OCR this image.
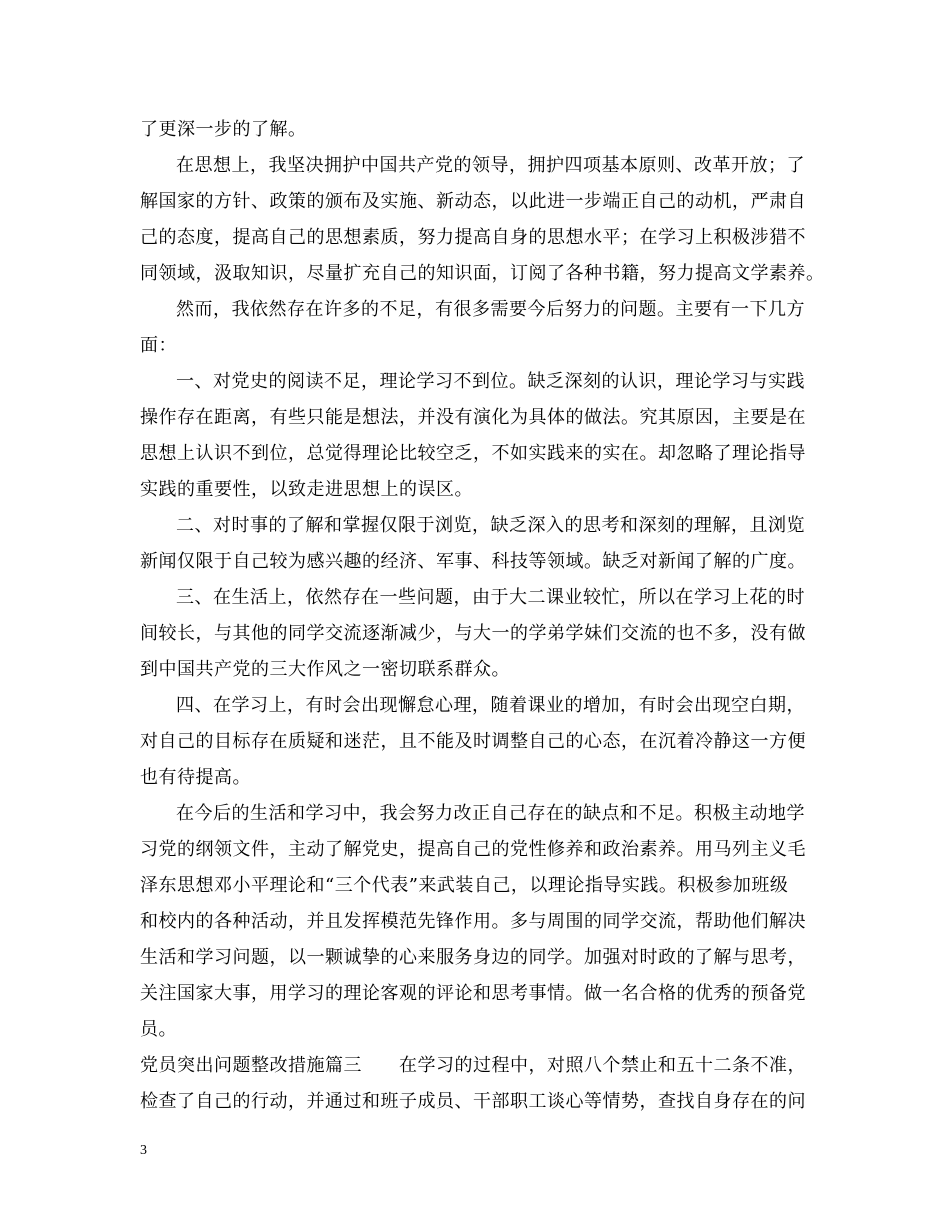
了更深一步的了解。
在思想上，我坚决拥护中国共产党的领导，拥护四项基本原则、改革开放；了
解国家的方针、政策的颁布及实施、新动态，以此进一步端正自己的动机，严肃自
己的态度，提高自己的思想素质，努力提高自身的思想水平；在学习上积极涉猎不
同领域，汲取知识，尽量扩充自己的知识面，订阅了各种书籍，努力提高文学素养。
然而，我依然存在许多的不足，有很多需要今后努力的问题。主要有一下几方
面：
一、对党史的阅读不足，理论学习不到位。缺乏深刻的认识，理论学习与实践
操作存在距离，有些只能是想法，并没有演化为具体的做法。究其原因，主要是在
思想上认识不到位，总觉得理论比较空乏，不如实践来的实在。却忽略了理论指导
实践的重要性，以致走进思想上的误区。
二、对时事的了解和掌握仅限于浏览，缺乏深入的思考和深刻的理解，且浏览
新闻仅限于自己较为感兴趣的经济、军事、科技等领域。缺乏对新闻了解的广度。
三、在生活上，依然存在一些问题，由于大二课业较忙，所以在学习上花的时
间较长，与其他的同学交流逐渐减少，与大一的学弟学妹们交流的也不多，没有做
到中国共产党的三大作风之一密切联系群众。
四、在学习上，有时会出现懈怠心理，随着课业的增加，有时会出现空白期，
对自己的目标存在质疑和迷茫，且不能及时调整自己的心态，在沉着冷静这一方便
也有待提高。
在今后的生活和学习中，我会努力改正自己存在的缺点和不足。积极主动地学
习党的纲领文件，主动了解党史，提高自己的党性修养和政治素养。用马列主义毛
泽东思想邓小平理论和“三个代表”来武装自己，以理论指导实践。积极参加班级
和校内的各种活动，并且发挥模范先锋作用。多与周围的同学交流，帮助他们解决
生活和学习问题，以一颗诚挚的心来服务身边的同学。加强对时政的了解与思考，
关注国家大事，用学习的理论客观的评论和思考事情。做一名合格的优秀的预备党
员。
党员突出问题整改措施篇三　　在学习的过程中，对照八个禁止和五十二条不准，
检查了自己的行动，并通过和班子成员、干部职工谈心等情势，查找自身存在的问
3
